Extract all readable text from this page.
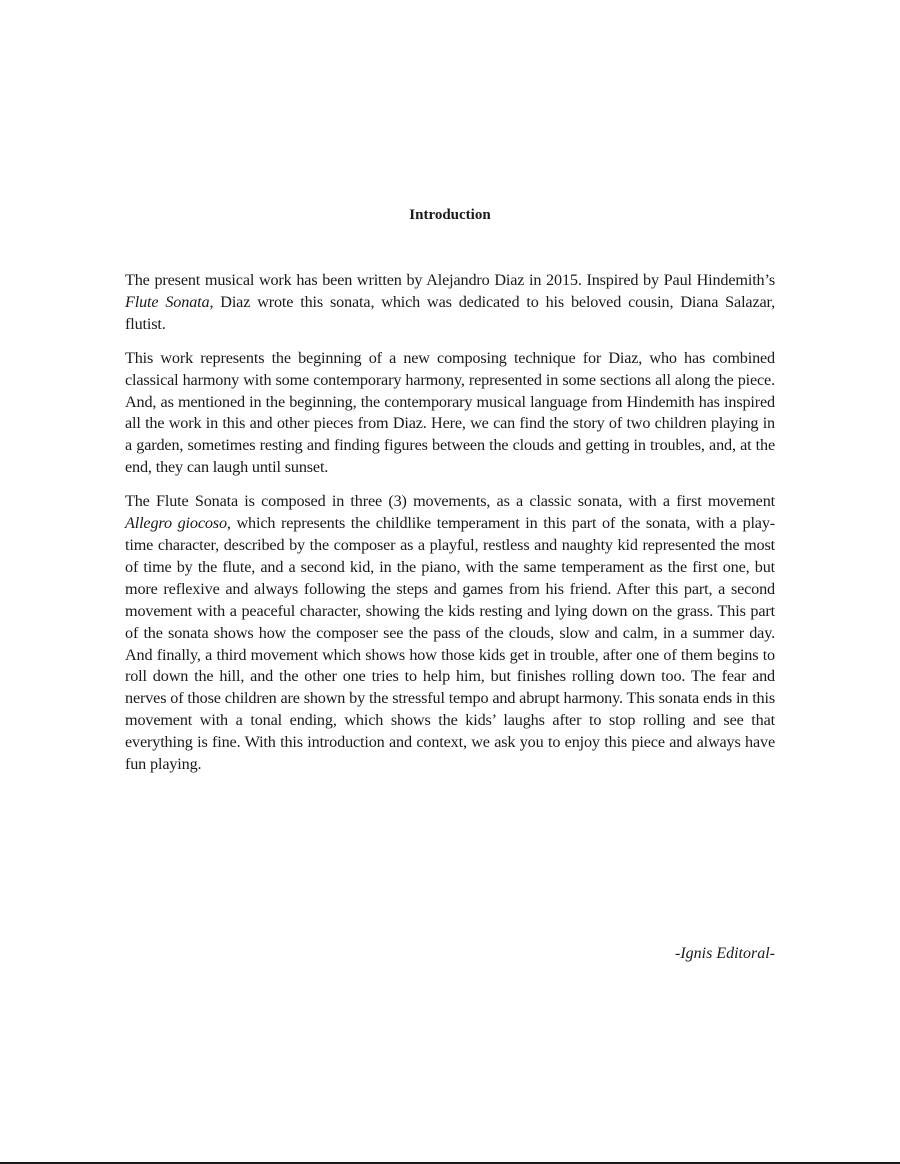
Introduction

The present musical work has been written by Alejandro Diaz in 2015. Inspired by Paul Hindemith’s Flute Sonata, Diaz wrote this sonata, which was dedicated to his beloved cousin, Diana Salazar, flutist.

This work represents the beginning of a new composing technique for Diaz, who has combined classical harmony with some contemporary harmony, represented in some sections all along the piece. And, as mentioned in the beginning, the contemporary musical language from Hindemith has inspired all the work in this and other pieces from Diaz. Here, we can find the story of two children playing in a garden, sometimes resting and finding figures between the clouds and getting in troubles, and, at the end, they can laugh until sunset.

The Flute Sonata is composed in three (3) movements, as a classic sonata, with a first movement Allegro giocoso, which represents the childlike temperament in this part of the sonata, with a play-time character, described by the composer as a playful, restless and naughty kid represented the most of time by the flute, and a second kid, in the piano, with the same temperament as the first one, but more reflexive and always following the steps and games from his friend. After this part, a second movement with a peaceful character, showing the kids resting and lying down on the grass. This part of the sonata shows how the composer see the pass of the clouds, slow and calm, in a summer day. And finally, a third movement which shows how those kids get in trouble, after one of them begins to roll down the hill, and the other one tries to help him, but finishes rolling down too. The fear and nerves of those children are shown by the stressful tempo and abrupt harmony. This sonata ends in this movement with a tonal ending, which shows the kids’ laughs after to stop rolling and see that everything is fine. With this introduction and context, we ask you to enjoy this piece and always have fun playing.

-Ignis Editoral-
